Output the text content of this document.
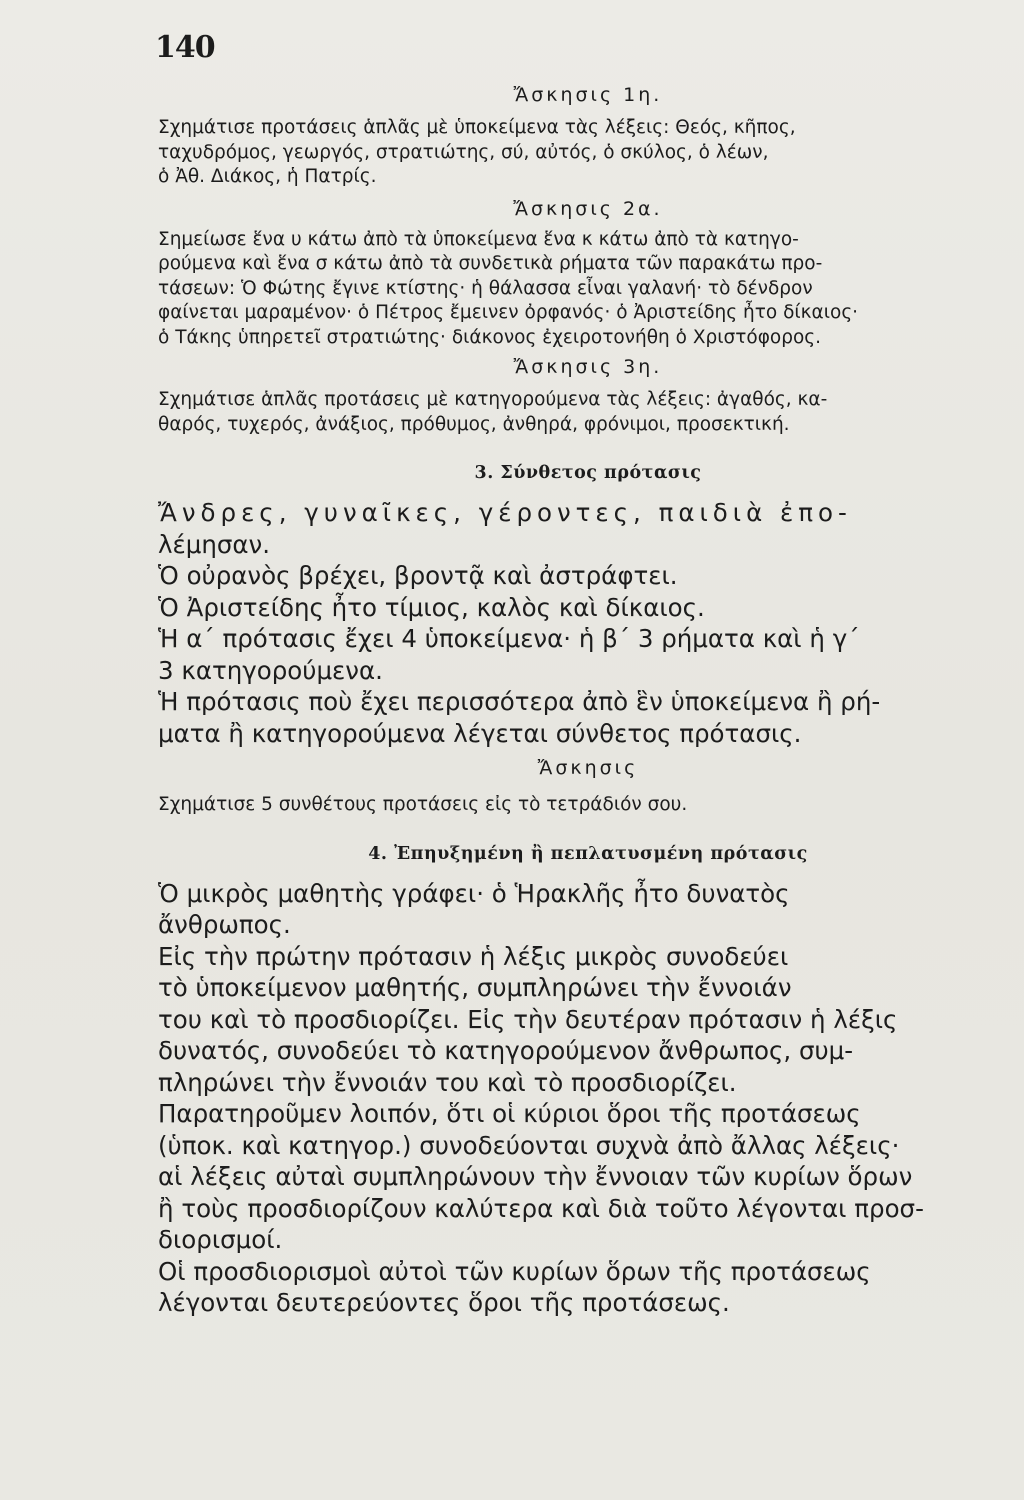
140

Ἄσκησις 1η.

Σχημάτισε προτάσεις ἁπλᾶς μὲ ὑποκείμενα τὰς λέξεις: Θεός, κῆπος,

ταχυδρόμος, γεωργός, στρατιώτης, σύ, αὐτός, ὁ σκύλος, ὁ λέων,

ὁ Ἀθ. Διάκος, ἡ Πατρίς.

Ἄσκησις 2α.

Σημείωσε ἕνα υ κάτω ἀπὸ τὰ ὑποκείμενα ἕνα κ κάτω ἀπὸ τὰ κατηγο-

ρούμενα καὶ ἕνα σ κάτω ἀπὸ τὰ συνδετικὰ ρήματα τῶν παρακάτω προ-

τάσεων: Ὁ Φώτης ἔγινε κτίστης· ἡ θάλασσα εἶναι γαλανή· τὸ δένδρον

φαίνεται μαραμένον· ὁ Πέτρος ἔμεινεν ὀρφανός· ὁ Ἀριστείδης ἦτο δίκαιος·

ὁ Τάκης ὑπηρετεῖ στρατιώτης· διάκονος ἐχειροτονήθη ὁ Χριστόφορος.

Ἄσκησις 3η.

Σχημάτισε ἁπλᾶς προτάσεις μὲ κατηγορούμενα τὰς λέξεις: ἀγαθός, κα-

θαρός, τυχερός, ἀνάξιος, πρόθυμος, ἀνθηρά, φρόνιμοι, προσεκτική.

3. Σύνθετος πρότασις

Ἄνδρες, γυναῖκες, γέροντες, παιδιὰ ἐπο-

λέμησαν.

Ὁ οὐρανὸς βρέχει, βροντᾷ καὶ ἀστράφτει.

Ὁ Ἀριστείδης ἦτο τίμιος, καλὸς καὶ δίκαιος.

Ἡ α΄ πρότασις ἔχει 4 ὑποκείμενα· ἡ β΄ 3 ρήματα καὶ ἡ γ΄

3 κατηγορούμενα.

Ἡ πρότασις ποὺ ἔχει περισσότερα ἀπὸ ἓν ὑποκείμενα ἢ ρή-

ματα ἢ κατηγορούμενα λέγεται σύνθετος πρότασις.

Ἄσκησις

Σχημάτισε 5 συνθέτους προτάσεις εἰς τὸ τετράδιόν σου.

4. Ἐπηυξημένη ἢ πεπλατυσμένη πρότασις

Ὁ μικρὸς μαθητὴς γράφει· ὁ Ἡρακλῆς ἦτο δυνατὸς

ἄνθρωπος.

Εἰς τὴν πρώτην πρότασιν ἡ λέξις μικρὸς συνοδεύει

τὸ ὑποκείμενον μαθητής, συμπληρώνει τὴν ἔννοιάν

του καὶ τὸ προσδιορίζει. Εἰς τὴν δευτέραν πρότασιν ἡ λέξις

δυνατός, συνοδεύει τὸ κατηγορούμενον ἄνθρωπος, συμ-

πληρώνει τὴν ἔννοιάν του καὶ τὸ προσδιορίζει.

Παρατηροῦμεν λοιπόν, ὅτι οἱ κύριοι ὅροι τῆς προτάσεως

(ὑποκ. καὶ κατηγορ.) συνοδεύονται συχνὰ ἀπὸ ἄλλας λέξεις·

αἱ λέξεις αὐταὶ συμπληρώνουν τὴν ἔννοιαν τῶν κυρίων ὅρων

ἢ τοὺς προσδιορίζουν καλύτερα καὶ διὰ τοῦτο λέγονται προσ-

διορισμοί.

Οἱ προσδιορισμοὶ αὐτοὶ τῶν κυρίων ὅρων τῆς προτάσεως

λέγονται δευτερεύοντες ὅροι τῆς προτάσεως.
